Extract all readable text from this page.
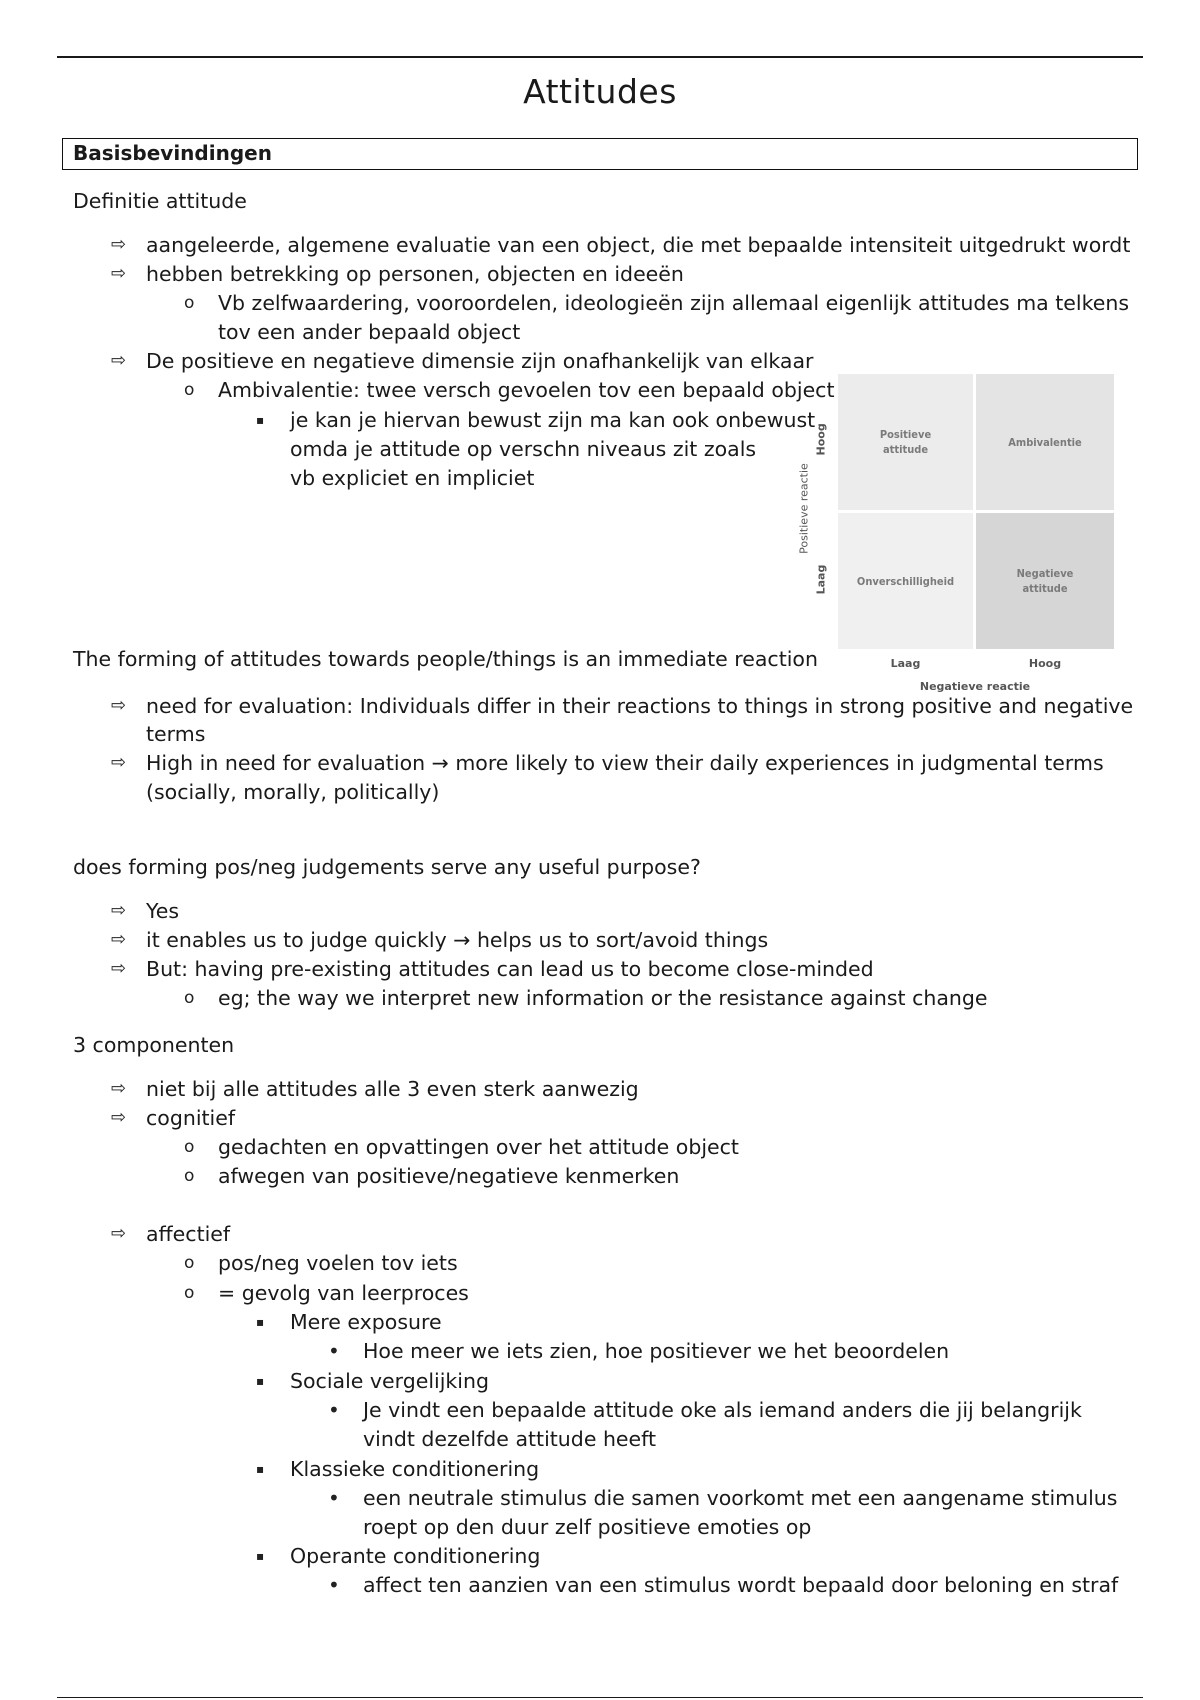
Attitudes
Basisbevindingen
Definitie attitude
⇨ aangeleerde, algemene evaluatie van een object, die met bepaalde intensiteit uitgedrukt wordt
⇨ hebben betrekking op personen, objecten en ideeën
o Vb zelfwaardering, vooroordelen, ideologieën zijn allemaal eigenlijk attitudes ma telkens
tov een ander bepaald object
⇨ De positieve en negatieve dimensie zijn onafhankelijk van elkaar
o Ambivalentie: twee versch gevoelen tov een bepaald object
▪ je kan je hiervan bewust zijn ma kan ook onbewust
omda je attitude op verschn niveaus zit zoals
vb expliciet en impliciet
Positieve
attitude
Ambivalentie
Onverschilligheid
Negatieve
attitude
Hoog
Laag
Positieve reactie
Laag	Hoog
Negatieve reactie
The forming of attitudes towards people/things is an immediate reaction
⇨ need for evaluation: Individuals differ in their reactions to things in strong positive and negative
terms
⇨ High in need for evaluation → more likely to view their daily experiences in judgmental terms
(socially, morally, politically)
does forming pos/neg judgements serve any useful purpose?
⇨ Yes
⇨ it enables us to judge quickly → helps us to sort/avoid things
⇨ But: having pre-existing attitudes can lead us to become close-minded
o eg; the way we interpret new information or the resistance against change
3 componenten
⇨ niet bij alle attitudes alle 3 even sterk aanwezig
⇨ cognitief
o gedachten en opvattingen over het attitude object
o afwegen van positieve/negatieve kenmerken
⇨ affectief
o pos/neg voelen tov iets
o = gevolg van leerproces
▪ Mere exposure
• Hoe meer we iets zien, hoe positiever we het beoordelen
▪ Sociale vergelijking
• Je vindt een bepaalde attitude oke als iemand anders die jij belangrijk
vindt dezelfde attitude heeft
▪ Klassieke conditionering
• een neutrale stimulus die samen voorkomt met een aangename stimulus
roept op den duur zelf positieve emoties op
▪ Operante conditionering
• affect ten aanzien van een stimulus wordt bepaald door beloning en straf
